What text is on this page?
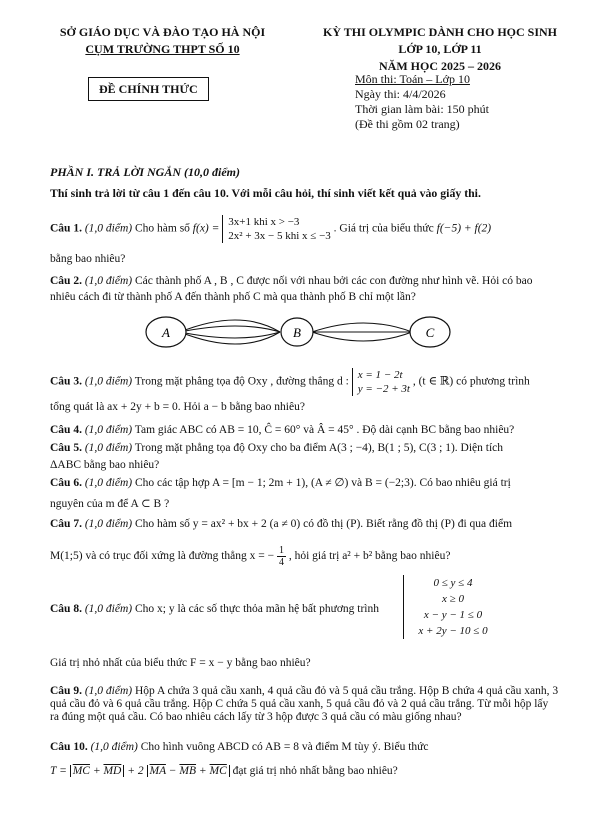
SỞ GIÁO DỤC VÀ ĐÀO TẠO HÀ NỘI
CỤM TRƯỜNG THPT SỐ 10
ĐỀ CHÍNH THỨC
KỲ THI OLYMPIC DÀNH CHO HỌC SINH
LỚP 10, LỚP 11
NĂM HỌC 2025 – 2026
Môn thi: Toán – Lớp 10
Ngày thi: 4/4/2026
Thời gian làm bài: 150 phút
(Đề thi gồm 02 trang)
PHẦN I. TRẢ LỜI NGẮN (10,0 điểm)
Thí sinh trả lời từ câu 1 đến câu 10. Với mỗi câu hỏi, thí sinh viết kết quả vào giấy thi.
Câu 1. (1,0 điểm) Cho hàm số f(x) =
3x+1 khi x > −3
2x² + 3x − 5 khi x ≤ −3
. Giá trị của biểu thức f(−5) + f(2)
bằng bao nhiêu?
Câu 2. (1,0 điểm) Các thành phố A , B , C được nối với nhau bởi các con đường như hình vẽ. Hỏi có bao nhiêu cách đi từ thành phố A đến thành phố C mà qua thành phố B chỉ một lần?
A	B	C
Câu 3. (1,0 điểm) Trong mặt phẳng tọa độ Oxy , đường thẳng d :
x = 1 − 2t
y = −2 + 3t
, (t ∈ ℝ) có phương trình
tổng quát là ax + 2y + b = 0. Hỏi a − b bằng bao nhiêu?
Câu 4. (1,0 điểm) Tam giác ABC có AB = 10, Ĉ = 60° và Â = 45° . Độ dài cạnh BC bằng bao nhiêu?
Câu 5. (1,0 điểm) Trong mặt phẳng tọa độ Oxy cho ba điểm A(3 ; −4), B(1 ; 5), C(3 ; 1). Diện tích
ΔABC bằng bao nhiêu?
Câu 6. (1,0 điểm) Cho các tập hợp A = [m − 1; 2m + 1), (A ≠ ∅) và B = (−2;3). Có bao nhiêu giá trị
nguyên của m để A ⊂ B ?
Câu 7. (1,0 điểm) Cho hàm số y = ax² + bx + 2 (a ≠ 0) có đồ thị (P). Biết rằng đồ thị (P) đi qua điểm
M(1;5) và có trục đối xứng là đường thẳng x = − $\frac{1}{4}$ , hỏi giá trị a² + b² bằng bao nhiêu?
Câu 8. (1,0 điểm) Cho x; y là các số thực thỏa mãn hệ bất phương trình
0 ≤ y ≤ 4
x ≥ 0
x − y − 1 ≤ 0
x + 2y − 10 ≤ 0
Giá trị nhỏ nhất của biểu thức F = x − y bằng bao nhiêu?
Câu 9. (1,0 điểm) Hộp A chứa 3 quả cầu xanh, 4 quả cầu đỏ và 5 quả cầu trắng. Hộp B chứa 4 quả cầu xanh, 3 quả cầu đỏ và 6 quả cầu trắng. Hộp C chứa 5 quả cầu xanh, 5 quả cầu đỏ và 2 quả cầu trắng. Từ mỗi hộp lấy ra đúng một quả cầu. Có bao nhiêu cách lấy từ 3 hộp được 3 quả cầu có màu giống nhau?
Câu 10. (1,0 điểm) Cho hình vuông ABCD có AB = 8 và điểm M tùy ý. Biểu thức
$T = \overline{MC} + \overline{MD} + 2$ $\overline{MA} - \overline{MB} + \overline{MC}$ đạt giá trị nhỏ nhất bằng bao nhiêu?
